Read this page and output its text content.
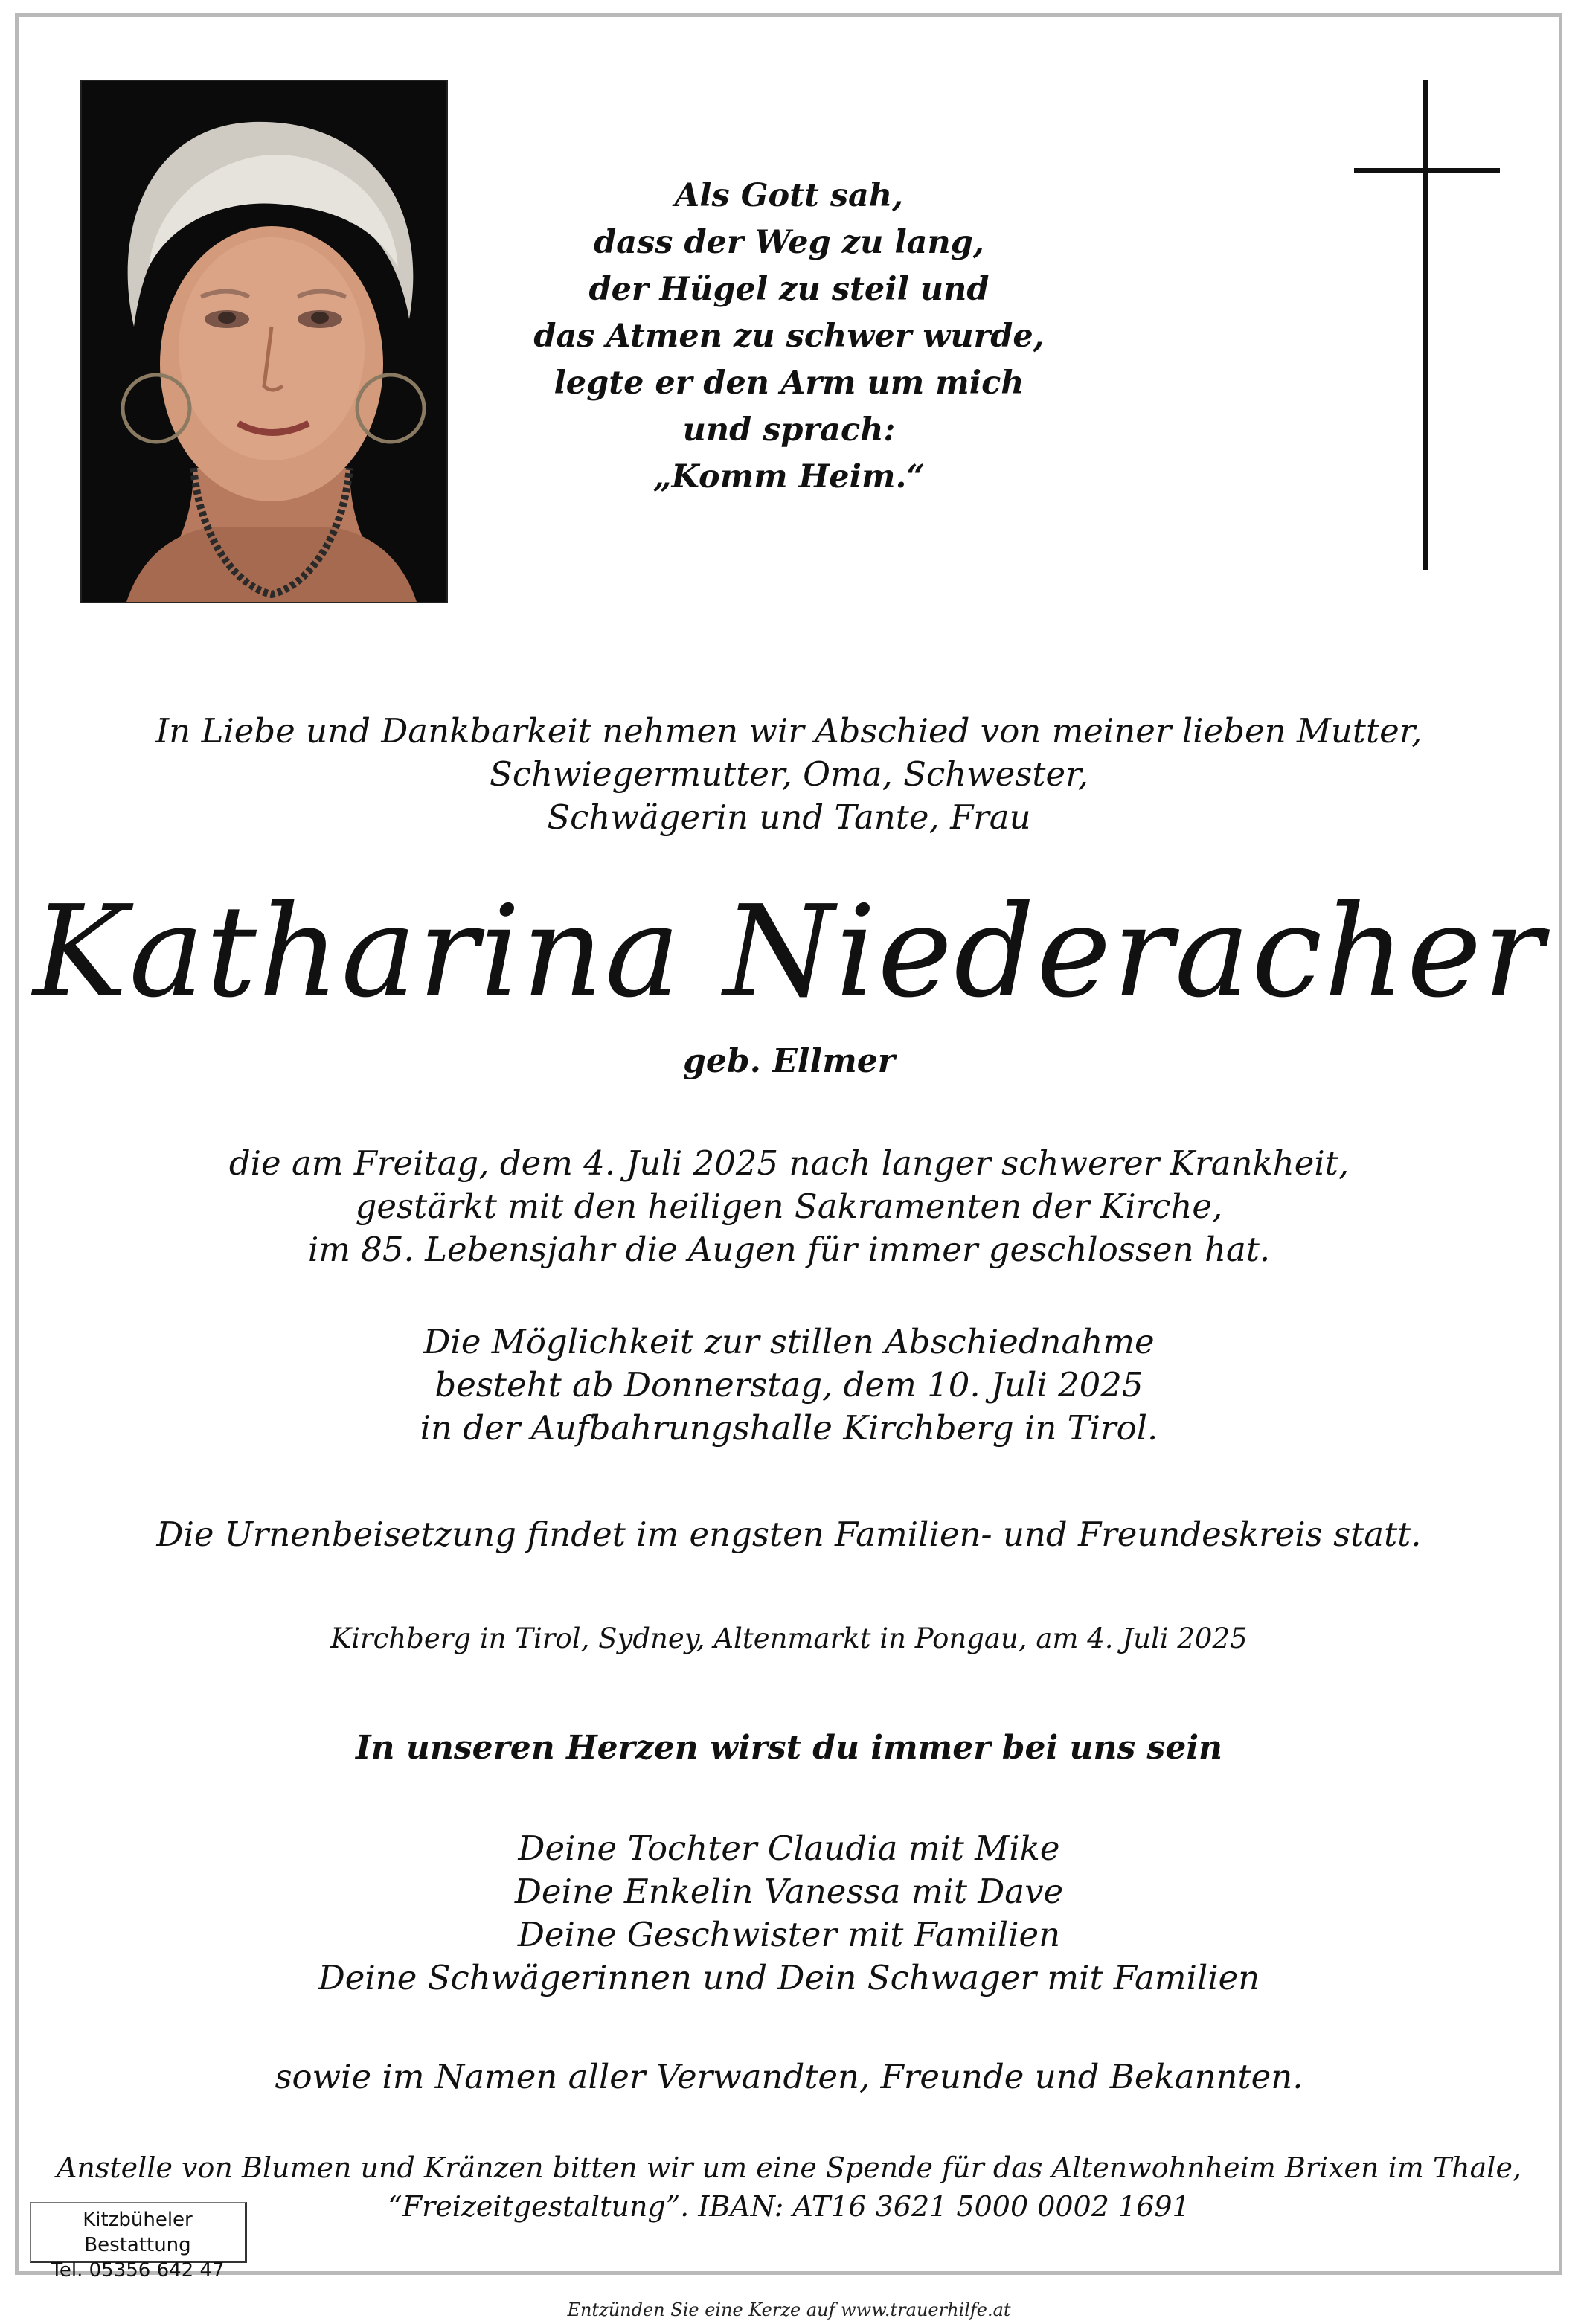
Als Gott sah,
dass der Weg zu lang,
der Hügel zu steil und
das Atmen zu schwer wurde,
legte er den Arm um mich
und sprach:
„Komm Heim.“
In Liebe und Dankbarkeit nehmen wir Abschied von meiner lieben Mutter,
Schwiegermutter, Oma, Schwester,
Schwägerin und Tante, Frau
Katharina Niederacher
geb. Ellmer
die am Freitag, dem 4. Juli 2025 nach langer schwerer Krankheit,
gestärkt mit den heiligen Sakramenten der Kirche,
im 85. Lebensjahr die Augen für immer geschlossen hat.
Die Möglichkeit zur stillen Abschiednahme
besteht ab Donnerstag, dem 10. Juli 2025
in der Aufbahrungshalle Kirchberg in Tirol.
Die Urnenbeisetzung findet im engsten Familien- und Freundeskreis statt.
Kirchberg in Tirol, Sydney, Altenmarkt in Pongau, am 4. Juli 2025
In unseren Herzen wirst du immer bei uns sein
Deine Tochter Claudia mit Mike
Deine Enkelin Vanessa mit Dave
Deine Geschwister mit Familien
Deine Schwägerinnen und Dein Schwager mit Familien
sowie im Namen aller Verwandten, Freunde und Bekannten.
Anstelle von Blumen und Kränzen bitten wir um eine Spende für das Altenwohnheim Brixen im Thale,
“Freizeitgestaltung”. IBAN: AT16 3621 5000 0002 1691
Kitzbüheler Bestattung
Tel. 05356 642 47
Entzünden Sie eine Kerze auf www.trauerhilfe.at
